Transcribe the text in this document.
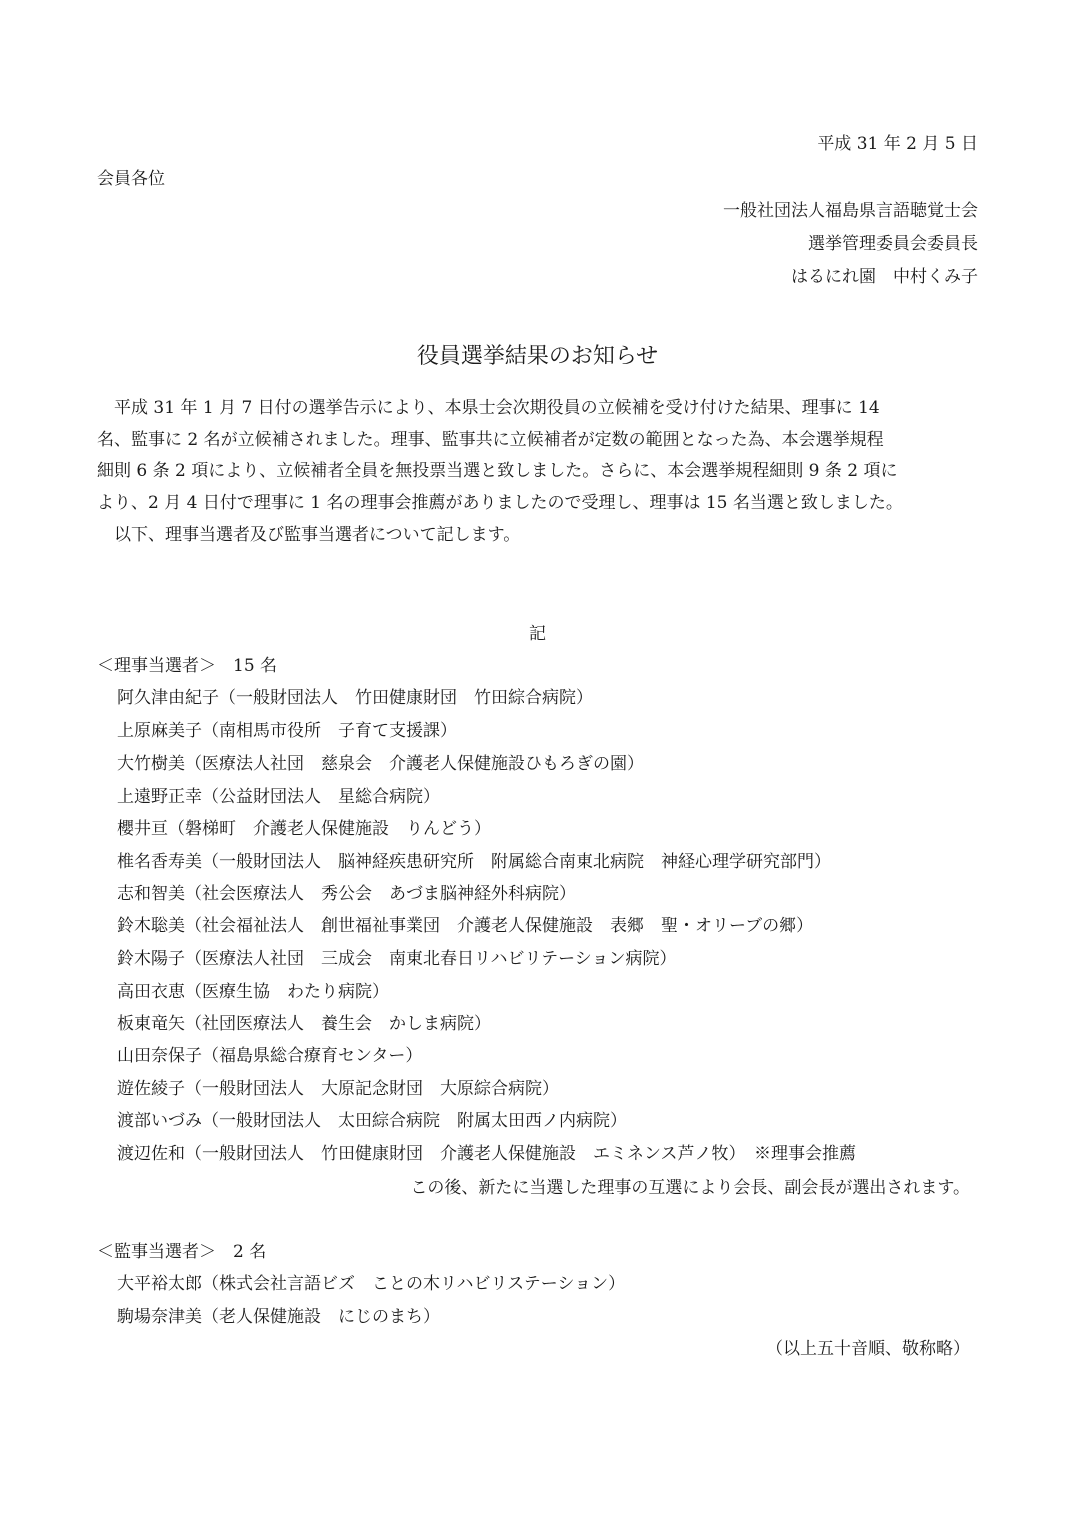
平成 31 年 2 月 5 日
会員各位
一般社団法人福島県言語聴覚士会
選挙管理委員会委員長
はるにれ園　中村くみ子
役員選挙結果のお知らせ
　平成 31 年 1 月 7 日付の選挙告示により、本県士会次期役員の立候補を受け付けた結果、理事に 14
名、監事に 2 名が立候補されました。理事、監事共に立候補者が定数の範囲となった為、本会選挙規程
細則 6 条 2 項により、立候補者全員を無投票当選と致しました。さらに、本会選挙規程細則 9 条 2 項に
より、2 月 4 日付で理事に 1 名の理事会推薦がありましたので受理し、理事は 15 名当選と致しました。
　以下、理事当選者及び監事当選者について記します。
記
＜理事当選者＞　15 名
阿久津由紀子（一般財団法人　竹田健康財団　竹田綜合病院）
上原麻美子（南相馬市役所　子育て支援課）
大竹樹美（医療法人社団　慈泉会　介護老人保健施設ひもろぎの園）
上遠野正幸（公益財団法人　星総合病院）
櫻井亘（磐梯町　介護老人保健施設　りんどう）
椎名香寿美（一般財団法人　脳神経疾患研究所　附属総合南東北病院　神経心理学研究部門）
志和智美（社会医療法人　秀公会　あづま脳神経外科病院）
鈴木聡美（社会福祉法人　創世福祉事業団　介護老人保健施設　表郷　聖・オリーブの郷）
鈴木陽子（医療法人社団　三成会　南東北春日リハビリテーション病院）
高田衣恵（医療生協　わたり病院）
板東竜矢（社団医療法人　養生会　かしま病院）
山田奈保子（福島県総合療育センター）
遊佐綾子（一般財団法人　大原記念財団　大原綜合病院）
渡部いづみ（一般財団法人　太田綜合病院　附属太田西ノ内病院）
渡辺佐和（一般財団法人　竹田健康財団　介護老人保健施設　エミネンス芦ノ牧）　※理事会推薦
この後、新たに当選した理事の互選により会長、副会長が選出されます。
＜監事当選者＞　2 名
大平裕太郎（株式会社言語ビズ　ことの木リハビリステーション）
駒場奈津美（老人保健施設　にじのまち）
（以上五十音順、敬称略）
